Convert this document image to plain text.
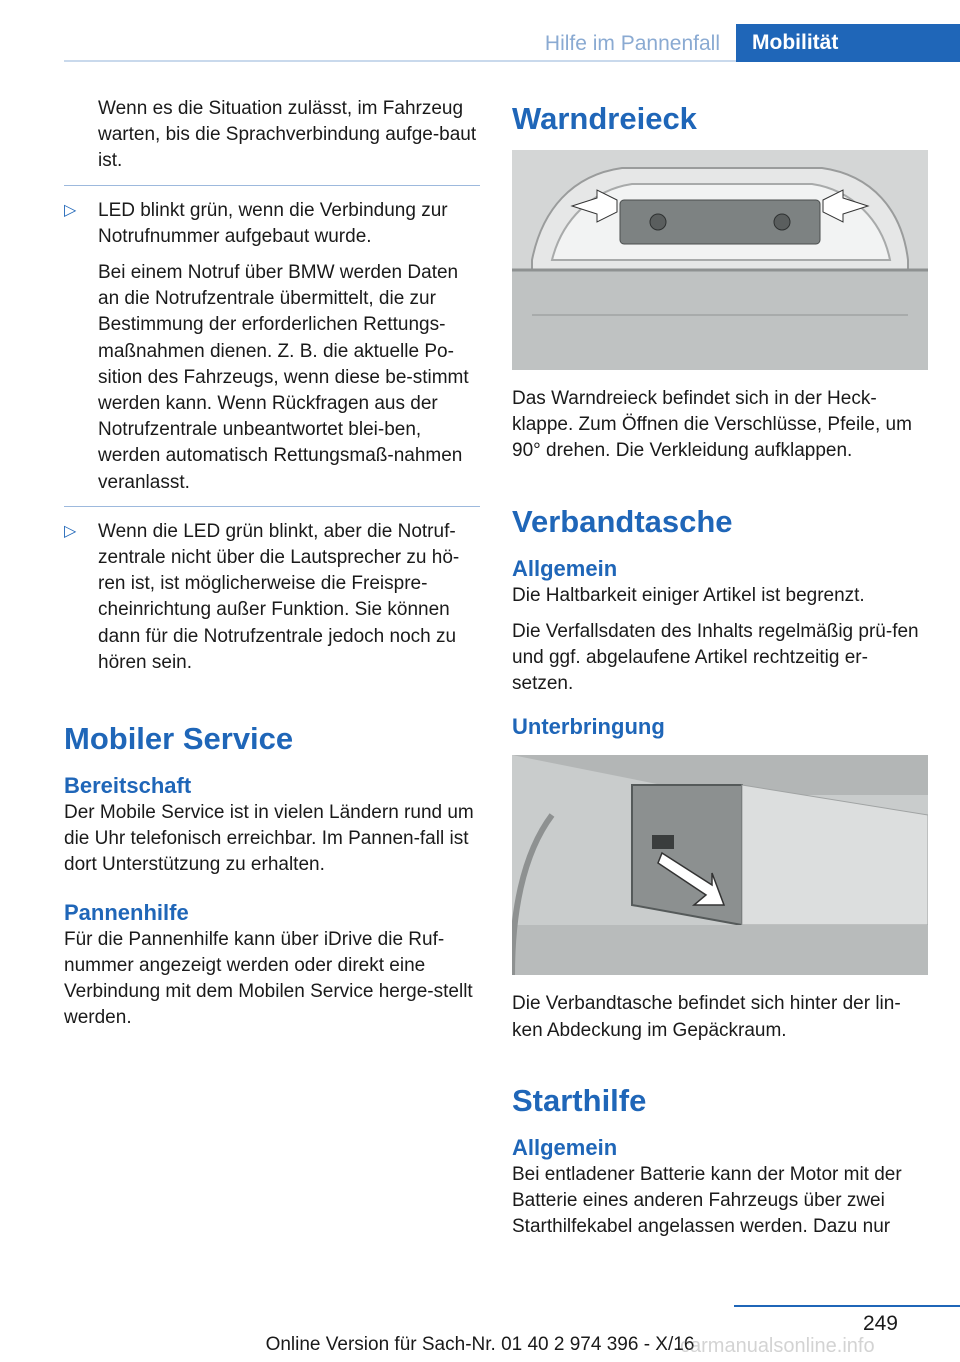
Hilfe im Pannenfall	Mobilität

Wenn es die Situation zulässt, im Fahrzeug warten, bis die Sprachverbindung aufge-baut ist.

▷ LED blinkt grün, wenn die Verbindung zur Notrufnummer aufgebaut wurde.

Bei einem Notruf über BMW werden Daten an die Notrufzentrale übermittelt, die zur Bestimmung der erforderlichen Rettungs-maßnahmen dienen. Z. B. die aktuelle Po-sition des Fahrzeugs, wenn diese be-stimmt werden kann. Wenn Rückfragen aus der Notrufzentrale unbeantwortet blei-ben, werden automatisch Rettungsmaß-nahmen veranlasst.

▷ Wenn die LED grün blinkt, aber die Notruf-zentrale nicht über die Lautsprecher zu hö-ren ist, ist möglicherweise die Freispre-cheinrichtung außer Funktion. Sie können dann für die Notrufzentrale jedoch noch zu hören sein.

Mobiler Service
Bereitschaft

Der Mobile Service ist in vielen Ländern rund um die Uhr telefonisch erreichbar. Im Pannen-fall ist dort Unterstützung zu erhalten.

Pannenhilfe

Für die Pannenhilfe kann über iDrive die Ruf-nummer angezeigt werden oder direkt eine Verbindung mit dem Mobilen Service herge-stellt werden.

Warndreieck

Das Warndreieck befindet sich in der Heck-klappe. Zum Öffnen die Verschlüsse, Pfeile, um 90° drehen. Die Verkleidung aufklappen.

Verbandtasche
Allgemein

Die Haltbarkeit einiger Artikel ist begrenzt.

Die Verfallsdaten des Inhalts regelmäßig prü-fen und ggf. abgelaufene Artikel rechtzeitig er-setzen.

Unterbringung

Die Verbandtasche befindet sich hinter der lin-ken Abdeckung im Gepäckraum.

Starthilfe
Allgemein

Bei entladener Batterie kann der Motor mit der Batterie eines anderen Fahrzeugs über zwei Starthilfekabel angelassen werden. Dazu nur

249
Online Version für Sach-Nr. 01 40 2 974 396 - X/16
carmanualsonline.info
